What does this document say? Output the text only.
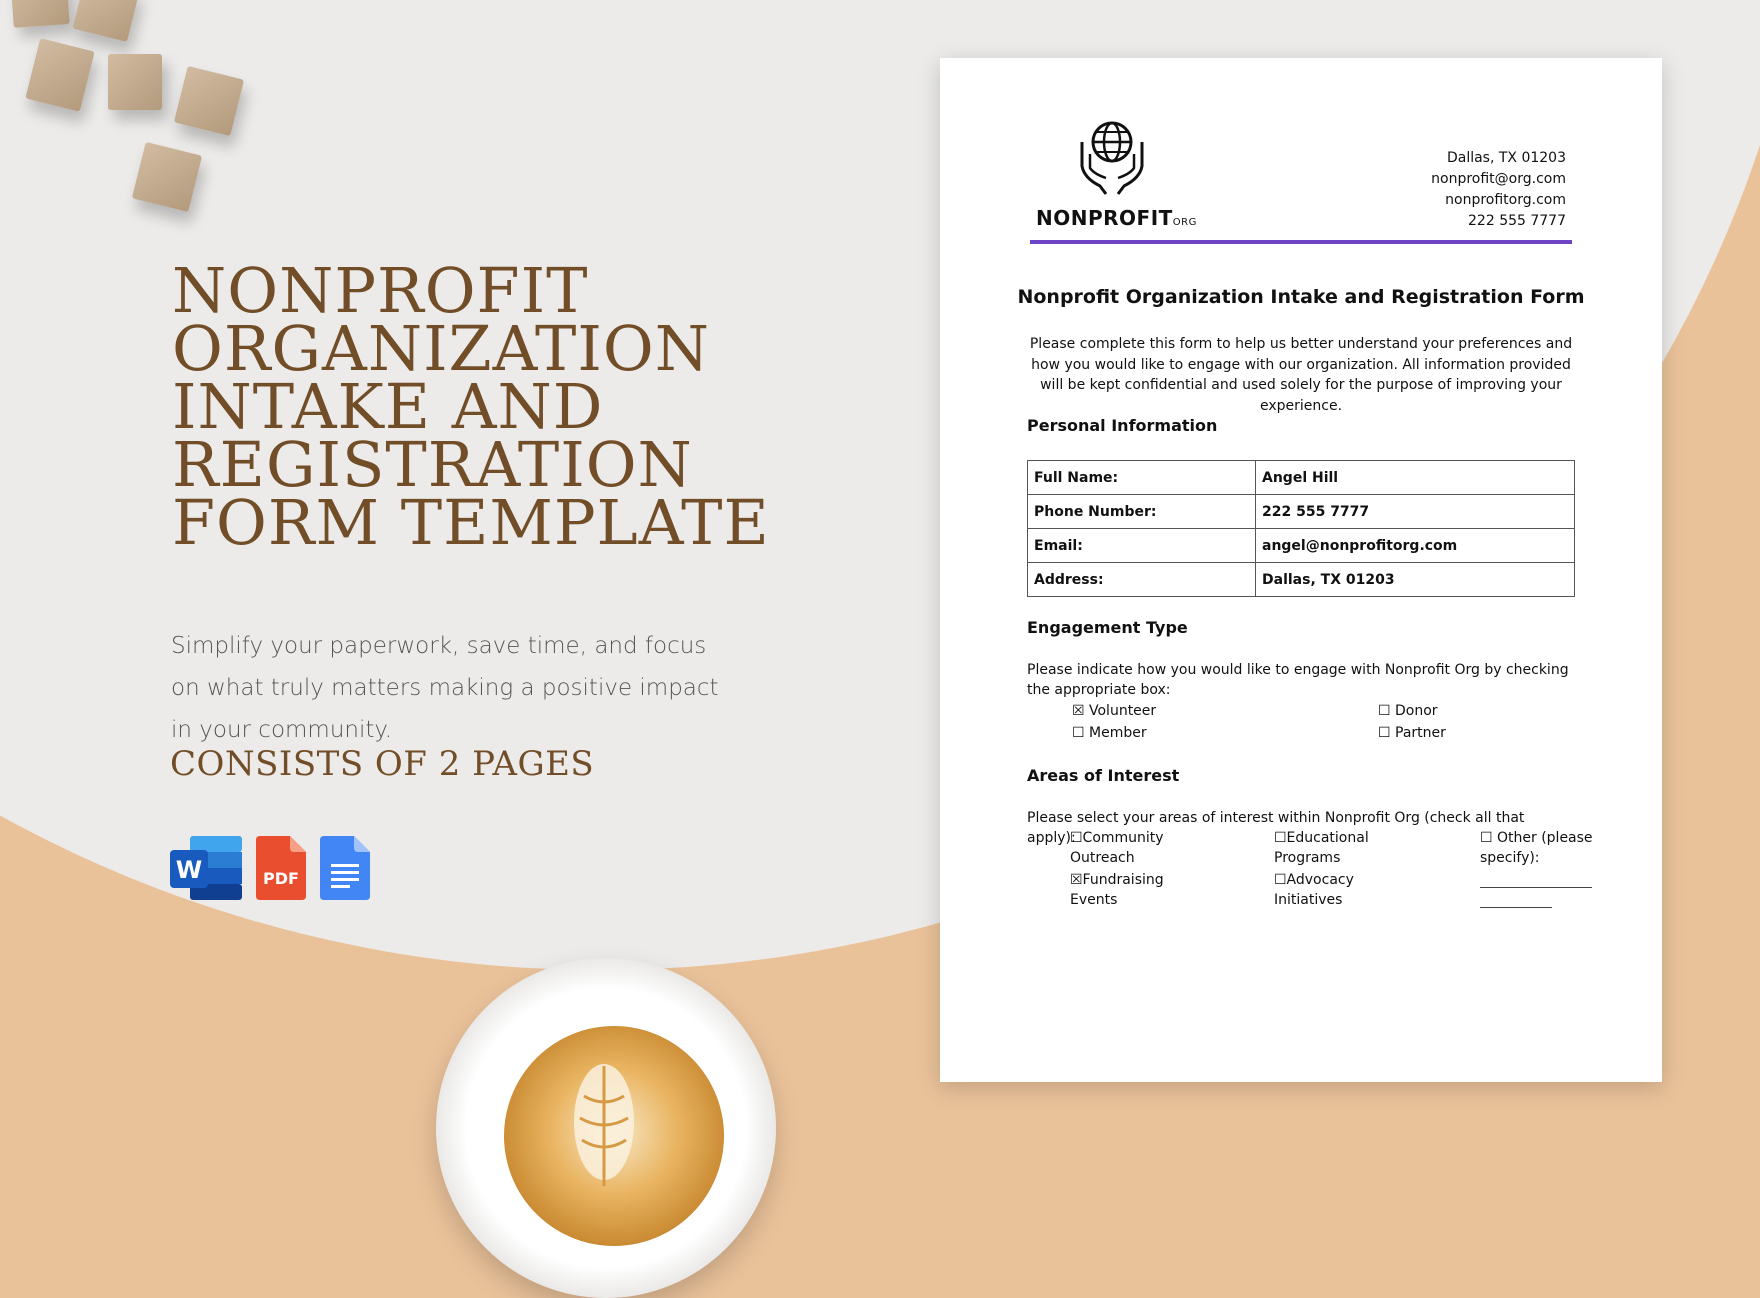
NONPROFIT ORGANIZATION INTAKE AND REGISTRATION FORM TEMPLATE

Simplify your paperwork, save time, and focus on what truly matters making a positive impact in your community.

CONSISTS OF 2 PAGES

W	PDF
NONPROFITORG
Dallas, TX 01203
nonprofit@org.com
nonprofitorg.com
222 555 7777
Nonprofit Organization Intake and Registration Form

Please complete this form to help us better understand your preferences and how you would like to engage with our organization. All information provided will be kept confidential and used solely for the purpose of improving your experience.

Personal Information
Full Name:	Angel Hill
Phone Number:	222 555 7777
Email:	angel@nonprofitorg.com
Address:	Dallas, TX 01203
Engagement Type

Please indicate how you would like to engage with Nonprofit Org by checking the appropriate box:

☒ Volunteer	☐ Donor

☐ Member	☐ Partner

Areas of Interest

Please select your areas of interest within Nonprofit Org (check all that apply):

☐Community Outreach

☐Educational Programs

☐ Other (please specify):

☒Fundraising Events

☐Advocacy Initiatives
